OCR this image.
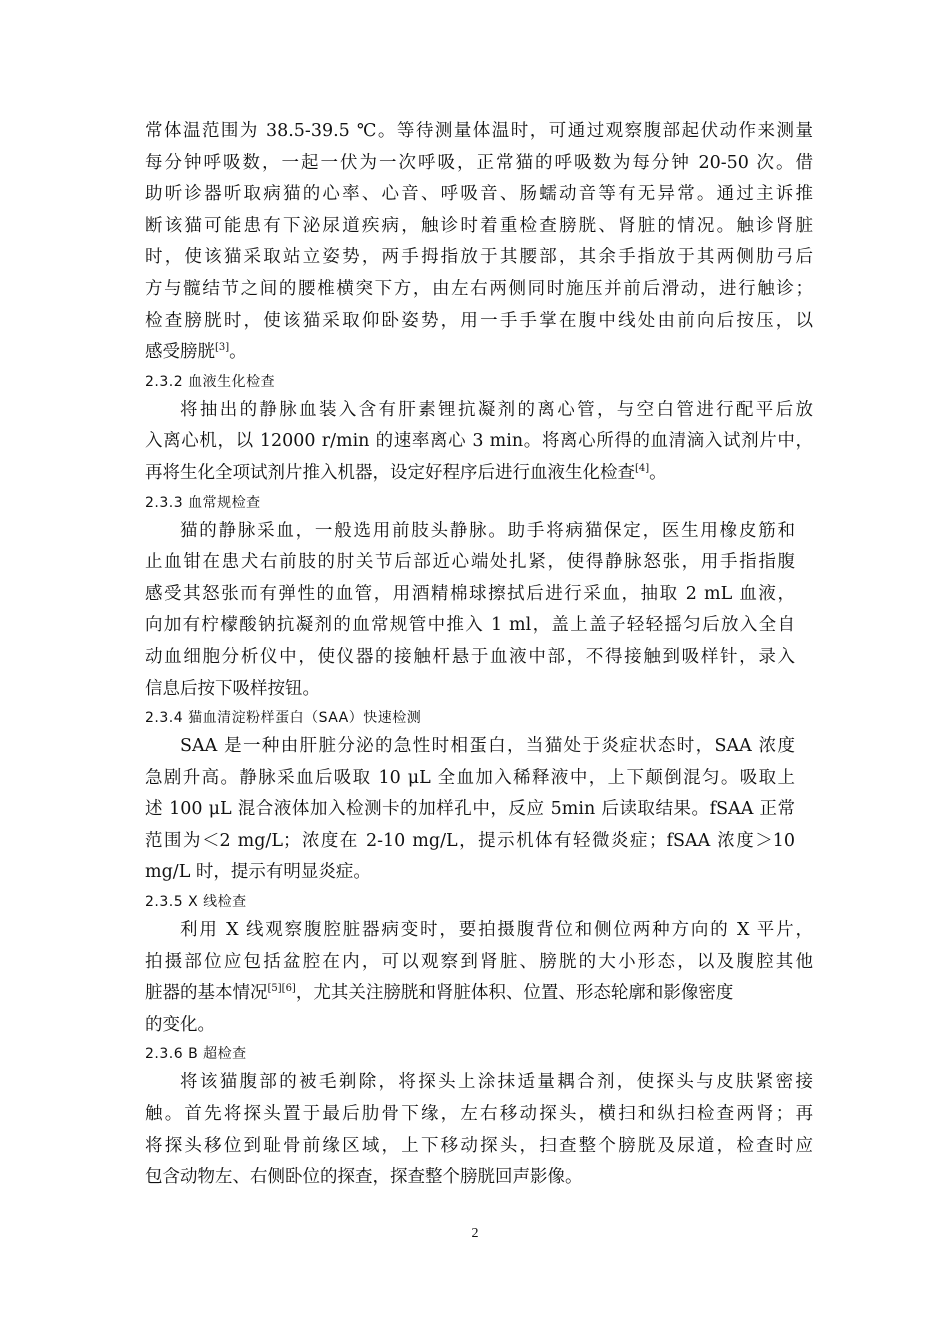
常体温范围为 38.5-39.5 ℃。等待测量体温时，可通过观察腹部起伏动作来测量
每分钟呼吸数，一起一伏为一次呼吸，正常猫的呼吸数为每分钟 20-50 次。借
助听诊器听取病猫的心率、心音、呼吸音、肠蠕动音等有无异常。通过主诉推
断该猫可能患有下泌尿道疾病，触诊时着重检查膀胱、肾脏的情况。触诊肾脏
时，使该猫采取站立姿势，两手拇指放于其腰部，其余手指放于其两侧肋弓后
方与髋结节之间的腰椎横突下方，由左右两侧同时施压并前后滑动，进行触诊；
检查膀胱时，使该猫采取仰卧姿势，用一手手掌在腹中线处由前向后按压，以
感受膀胱[3]。
2.3.2 血液生化检查
将抽出的静脉血装入含有肝素锂抗凝剂的离心管，与空白管进行配平后放
入离心机，以 12000 r/min 的速率离心 3 min。将离心所得的血清滴入试剂片中，
再将生化全项试剂片推入机器，设定好程序后进行血液生化检查[4]。
2.3.3 血常规检查
猫的静脉采血，一般选用前肢头静脉。助手将病猫保定，医生用橡皮筋和
止血钳在患犬右前肢的肘关节后部近心端处扎紧，使得静脉怒张，用手指指腹
感受其怒张而有弹性的血管，用酒精棉球擦拭后进行采血，抽取 2 mL 血液，
向加有柠檬酸钠抗凝剂的血常规管中推入 1 ml，盖上盖子轻轻摇匀后放入全自
动血细胞分析仪中，使仪器的接触杆悬于血液中部，不得接触到吸样针，录入
信息后按下吸样按钮。
2.3.4 猫血清淀粉样蛋白（SAA）快速检测
SAA 是一种由肝脏分泌的急性时相蛋白，当猫处于炎症状态时，SAA 浓度
急剧升高。静脉采血后吸取 10 μL 全血加入稀释液中，上下颠倒混匀。吸取上
述 100 μL 混合液体加入检测卡的加样孔中，反应 5min 后读取结果。fSAA 正常
范围为＜2 mg/L；浓度在 2-10 mg/L，提示机体有轻微炎症；fSAA 浓度＞10
mg/L 时，提示有明显炎症。
2.3.5 X 线检查
利用 X 线观察腹腔脏器病变时，要拍摄腹背位和侧位两种方向的 X 平片，
拍摄部位应包括盆腔在内，可以观察到肾脏、膀胱的大小形态，以及腹腔其他
脏器的基本情况[5][6]，尤其关注膀胱和肾脏体积、位置、形态轮廓和影像密度
的变化。
2.3.6 B 超检查
将该猫腹部的被毛剃除，将探头上涂抹适量耦合剂，使探头与皮肤紧密接
触。首先将探头置于最后肋骨下缘，左右移动探头，横扫和纵扫检查两肾；再
将探头移位到耻骨前缘区域，上下移动探头，扫查整个膀胱及尿道，检查时应
包含动物左、右侧卧位的探查，探查整个膀胱回声影像。
2
